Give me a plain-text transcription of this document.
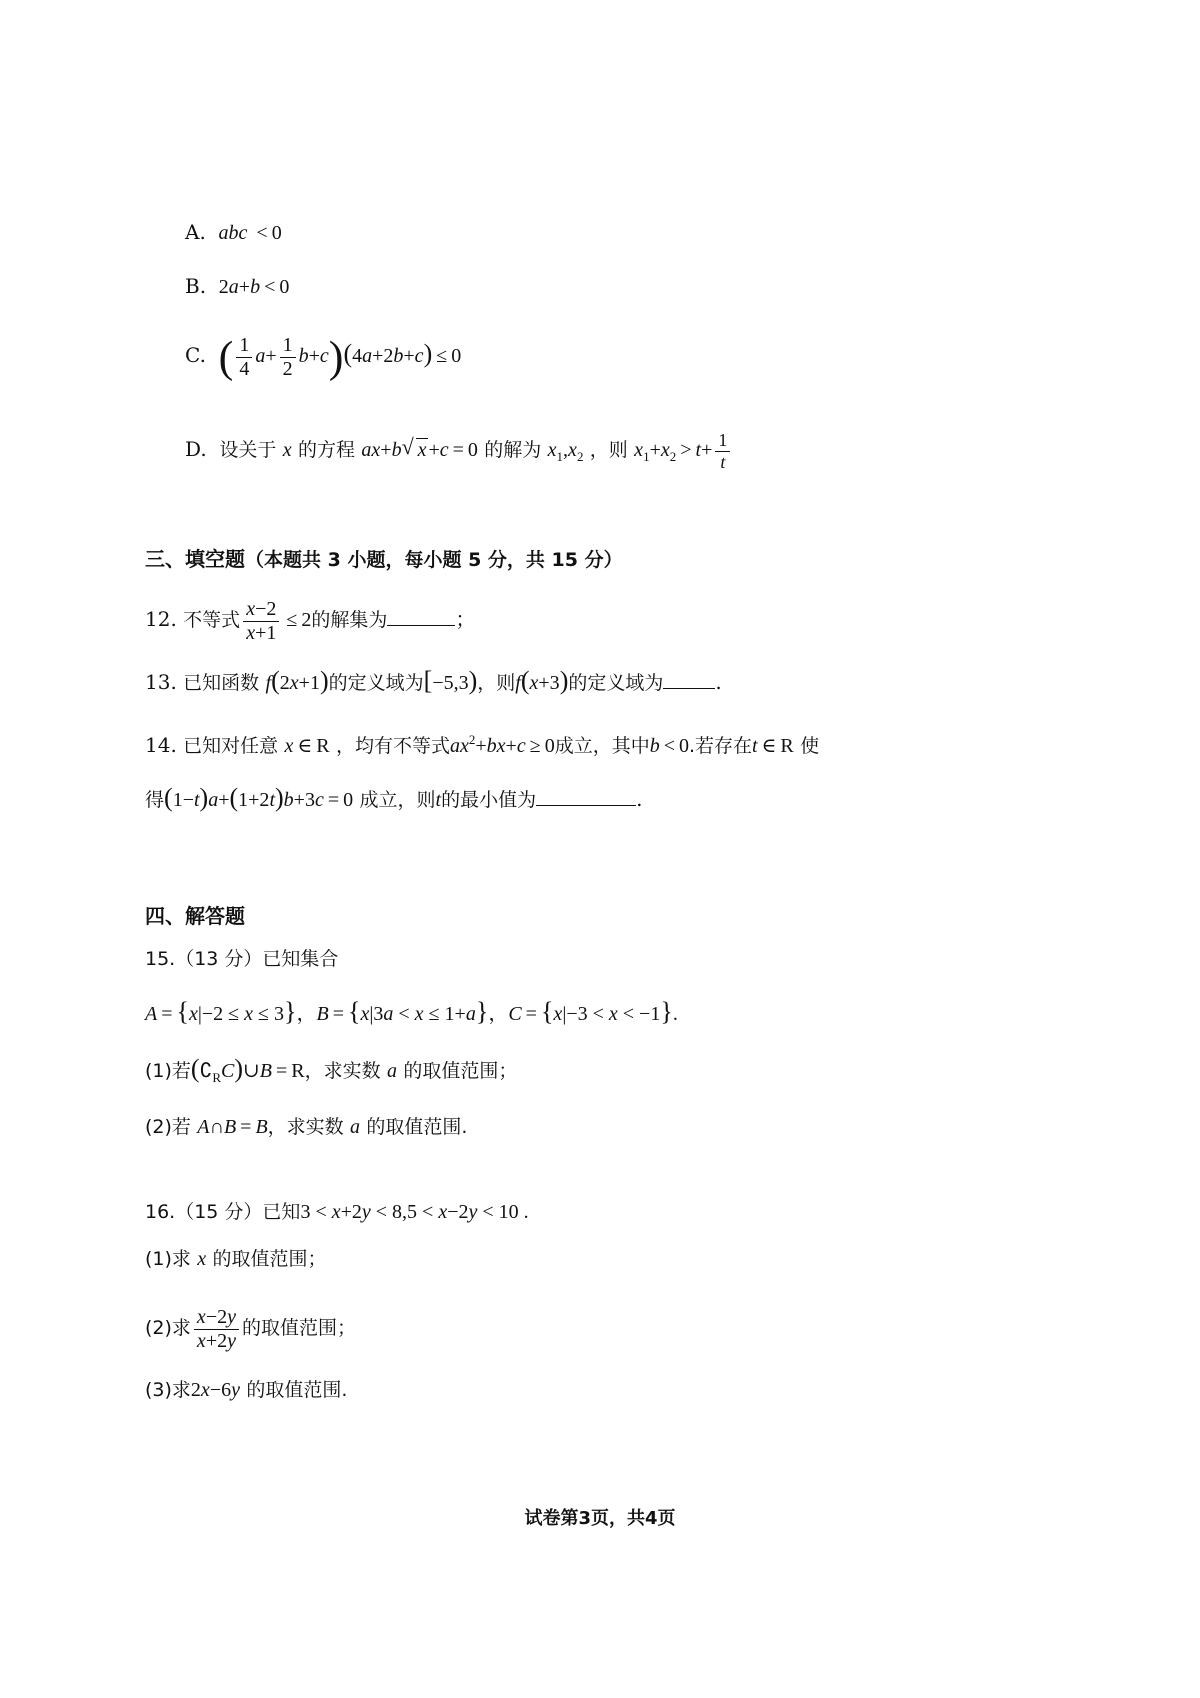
A. abc < 0
B. 2a+b < 0
C. ( $\frac{1}{4} a+ \frac{1}{2} b+c)(4a+2b+c) \le 0$
D. 设关于 x 的方程 ax+b√ x +c = 0 的解为 $x_1,x_2$ ，则 $x_1+x_2 > t+ \frac{1}{t}$
三、填空题（本题共 3 小题，每小题 5 分，共 15 分）
12. 不等式 $\frac{x-2}{x+1} \le 2$的解集为	；
13. 已知函数 f(2x+1)的定义域为[−5,3)，则f(x+3)的定义域为	.
14. 已知对任意 x ∈ R ，均有不等式$ax^2+bx+c \ge 0$成立，其中b < 0.若存在t ∈ R 使
得(1−t)a+(1+2t)b+3c = 0 成立，则t的最小值为	.
四、解答题
15.（13 分）已知集合
A = {x|−2 ≤ x ≤ 3}，B = {x|3a < x ≤ 1+a}，C = {x|−3 < x < −1}.
(1)若$(∁_RC)\cup B = R$，求实数 a 的取值范围；
(2)若 A∩B = B，求实数 a 的取值范围.
16.（15 分）已知3 < x+2y < 8,5 < x−2y < 10 .
(1)求 x 的取值范围；
(2)求 $\frac{x-2y}{x+2y}$ 的取值范围；
(3)求2x−6y 的取值范围.
试卷第3页，共4页
